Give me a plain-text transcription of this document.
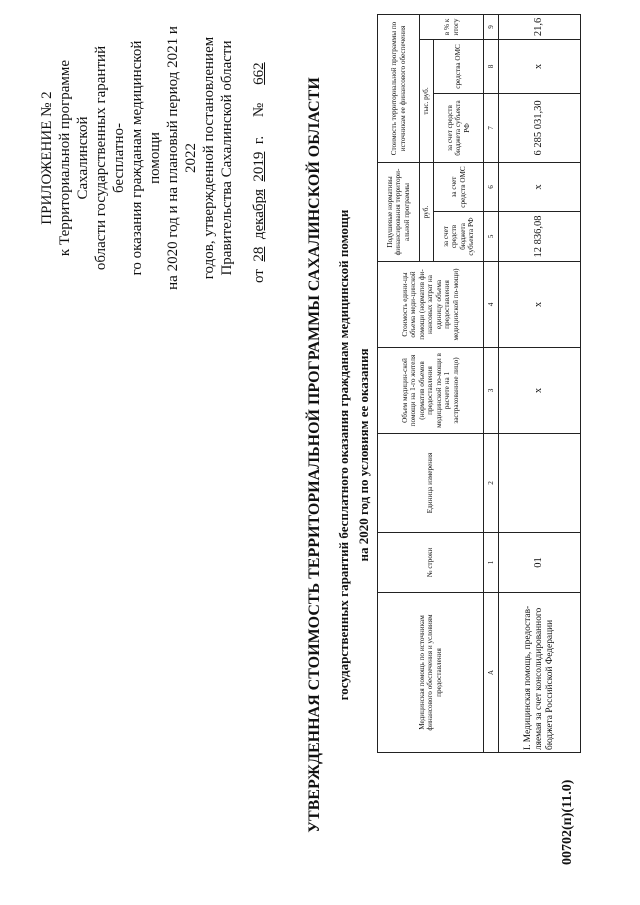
ПРИЛОЖЕНИЕ № 2 к Территориальной программе Сахалинской области государственных гарантий бесплатно- го оказания гражданам медицинской помощи на 2020 год и на плановый период 2021 и 2022 годов, утвержденной постановлением Правительства Сахалинской области
от  28  декабря  2019  г.     №   662
УТВЕРЖДЕННАЯ СТОИМОСТЬ ТЕРРИТОРИАЛЬНОЙ ПРОГРАММЫ САХАЛИНСКОЙ ОБЛАСТИ государственных гарантий бесплатного оказания гражданам медицинской помощи на 2020 год по условиям ее оказания
Медицинская помощь по источникам финансового обеспечения и условиям предоставления	№ строки	Единица измерения	Объем медицин-ской помощи на 1-го жителя (норматив объемов предоставления медицинской по-мощи в расчете на 1 застрахованное лицо)	Стоимость едини-цы объема меди-цинской помощи (норматив фи-нансовых затрат на единицу объема предоставления медицинской по-мощи)	Подушевые нормативы финансирования территори-альной программы		Стоимость территориальной программы по источникам ее финансового обеспечения		
					руб.		тыс. руб.		в % к итогу
					за счет средств бюджета субъекта РФ	за счет средств ОМС	за счет средств бюджета субъекта РФ	средства ОМС	
А	1	2	3	4	5	6	7	8	9
I. Медицинская помощь, предостав-ляемая за счет консолидированного бюджета Российской Федерации	01		х	х	12 836,08	х	6 285 031,30	х	21,6
00702(п)(11.0)
